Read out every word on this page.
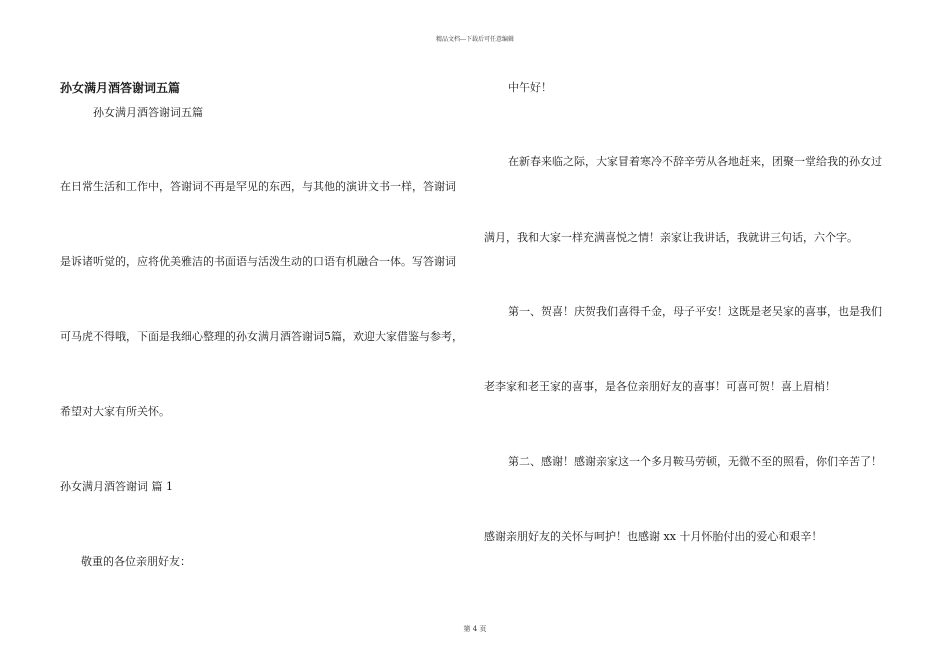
精品文档---下载后可任意编辑
孙女满月酒答谢词五篇
孙女满月酒答谢词五篇
在日常生活和工作中，答谢词不再是罕见的东西，与其他的演讲文书一样，答谢词
是诉诸听觉的，应将优美雅洁的书面语与活泼生动的口语有机融合一体。写答谢词
可马虎不得哦，下面是我细心整理的孙女满月酒答谢词5篇，欢迎大家借鉴与参考，
希望对大家有所关怀。
孙女满月酒答谢词 篇 1
敬重的各位亲朋好友：
中午好！
在新春来临之际，大家冒着寒冷不辞辛劳从各地赶来，团聚一堂给我的孙女过
满月，我和大家一样充满喜悦之情！亲家让我讲话，我就讲三句话，六个字。
第一、贺喜！庆贺我们喜得千金，母子平安！这既是老吴家的喜事，也是我们
老李家和老王家的喜事，是各位亲朋好友的喜事！可喜可贺！喜上眉梢！
第二、感谢！感谢亲家这一个多月鞍马劳顿，无微不至的照看，你们辛苦了！
感谢亲朋好友的关怀与呵护！也感谢 xx 十月怀胎付出的爱心和艰辛！
第 4 页
